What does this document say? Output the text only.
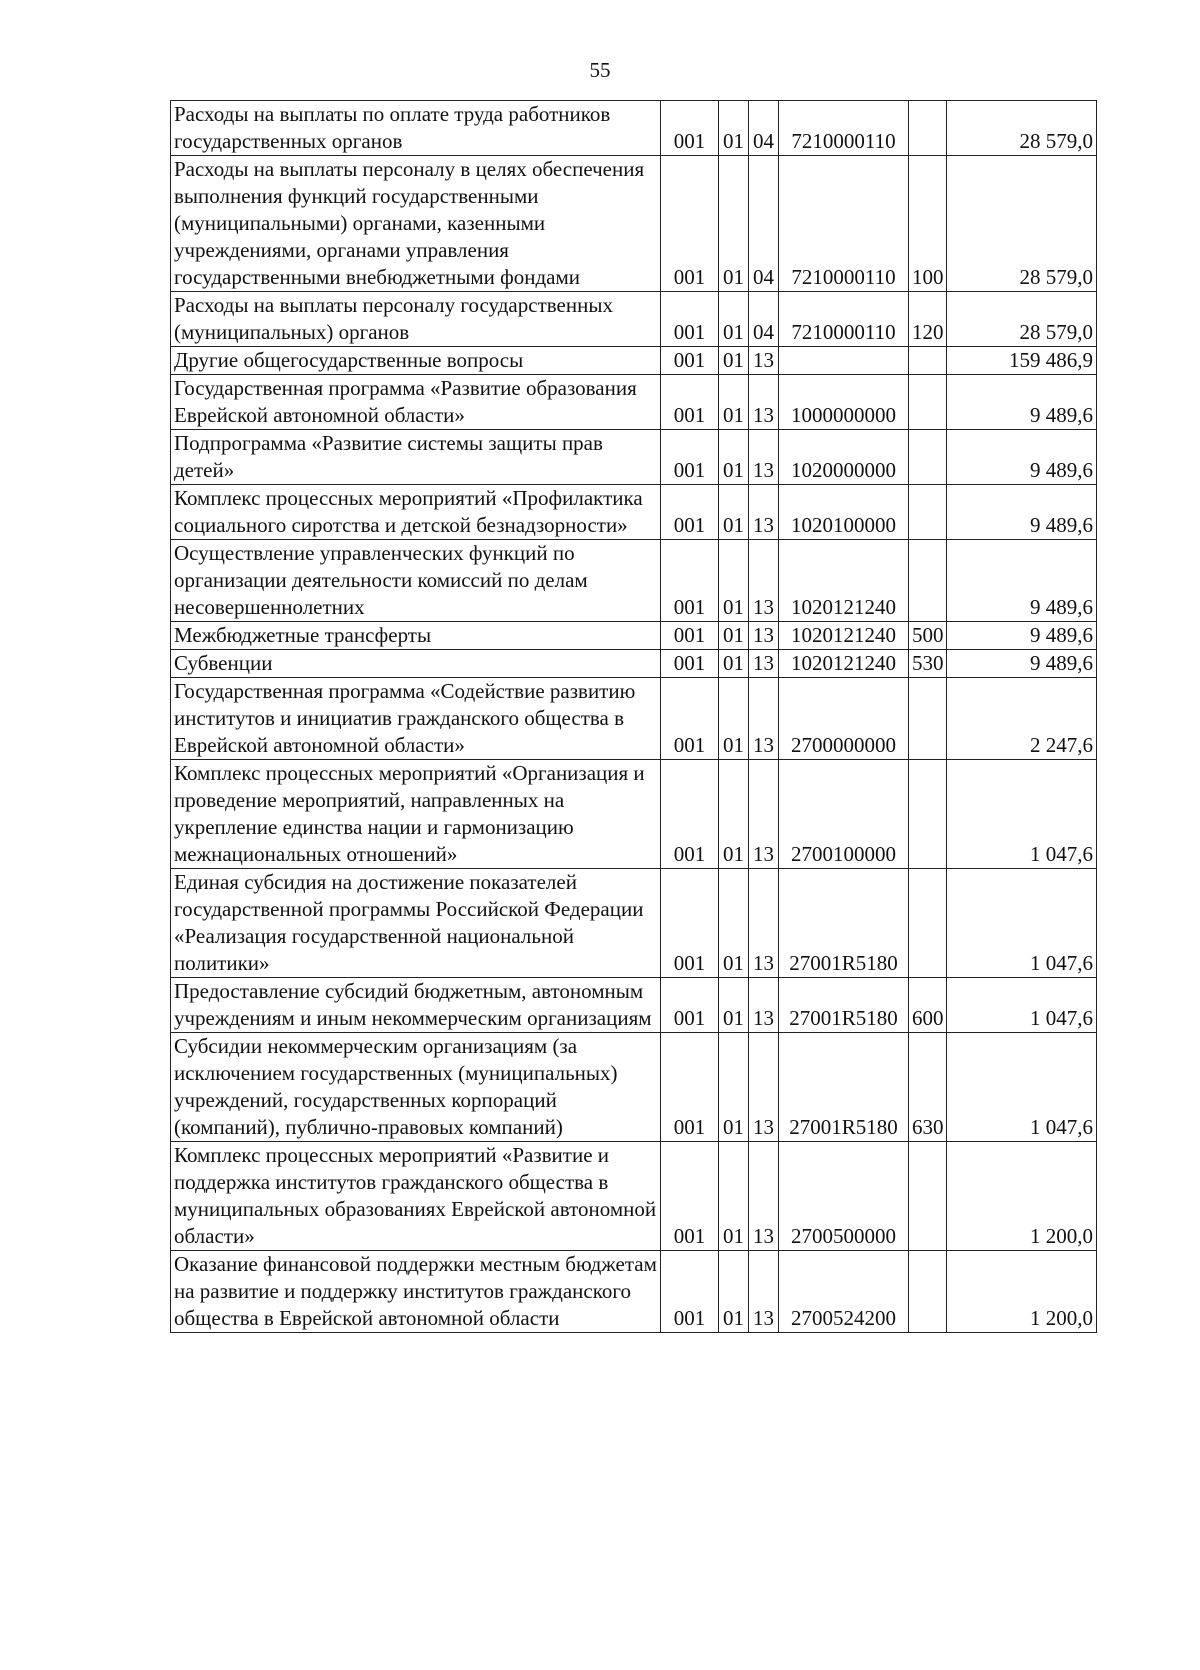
55
Расходы на выплаты по оплате труда работников государственных органов	001	01	04	7210000110		28 579,0
Расходы на выплаты персоналу в целях обеспечения выполнения функций государственными (муниципальными) органами, казенными учреждениями, органами управления государственными внебюджетными фондами	001	01	04	7210000110	100	28 579,0
Расходы на выплаты персоналу государственных (муниципальных) органов	001	01	04	7210000110	120	28 579,0
Другие общегосударственные вопросы	001	01	13			159 486,9
Государственная программа «Развитие образования Еврейской автономной области»	001	01	13	1000000000		9 489,6
Подпрограмма «Развитие системы защиты прав детей»	001	01	13	1020000000		9 489,6
Комплекс процессных мероприятий «Профилактика социального сиротства и детской безнадзорности»	001	01	13	1020100000		9 489,6
Осуществление управленческих функций по организации деятельности комиссий по делам несовершеннолетних	001	01	13	1020121240		9 489,6
Межбюджетные трансферты	001	01	13	1020121240	500	9 489,6
Субвенции	001	01	13	1020121240	530	9 489,6
Государственная программа «Содействие развитию институтов и инициатив гражданского общества в Еврейской автономной области»	001	01	13	2700000000		2 247,6
Комплекс процессных мероприятий «Организация и проведение мероприятий, направленных на укрепление единства нации и гармонизацию межнациональных отношений»	001	01	13	2700100000		1 047,6
Единая субсидия на достижение показателей государственной программы Российской Федерации «Реализация государственной национальной политики»	001	01	13	27001R5180		1 047,6
Предоставление субсидий бюджетным, автономным учреждениям и иным некоммерческим организациям	001	01	13	27001R5180	600	1 047,6
Субсидии некоммерческим организациям (за исключением государственных (муниципальных) учреждений, государственных корпораций (компаний), публично-правовых компаний)	001	01	13	27001R5180	630	1 047,6
Комплекс процессных мероприятий «Развитие и поддержка институтов гражданского общества в муниципальных образованиях Еврейской автономной области»	001	01	13	2700500000		1 200,0
Оказание финансовой поддержки местным бюджетам на развитие и поддержку институтов гражданского общества в Еврейской автономной области	001	01	13	2700524200		1 200,0
